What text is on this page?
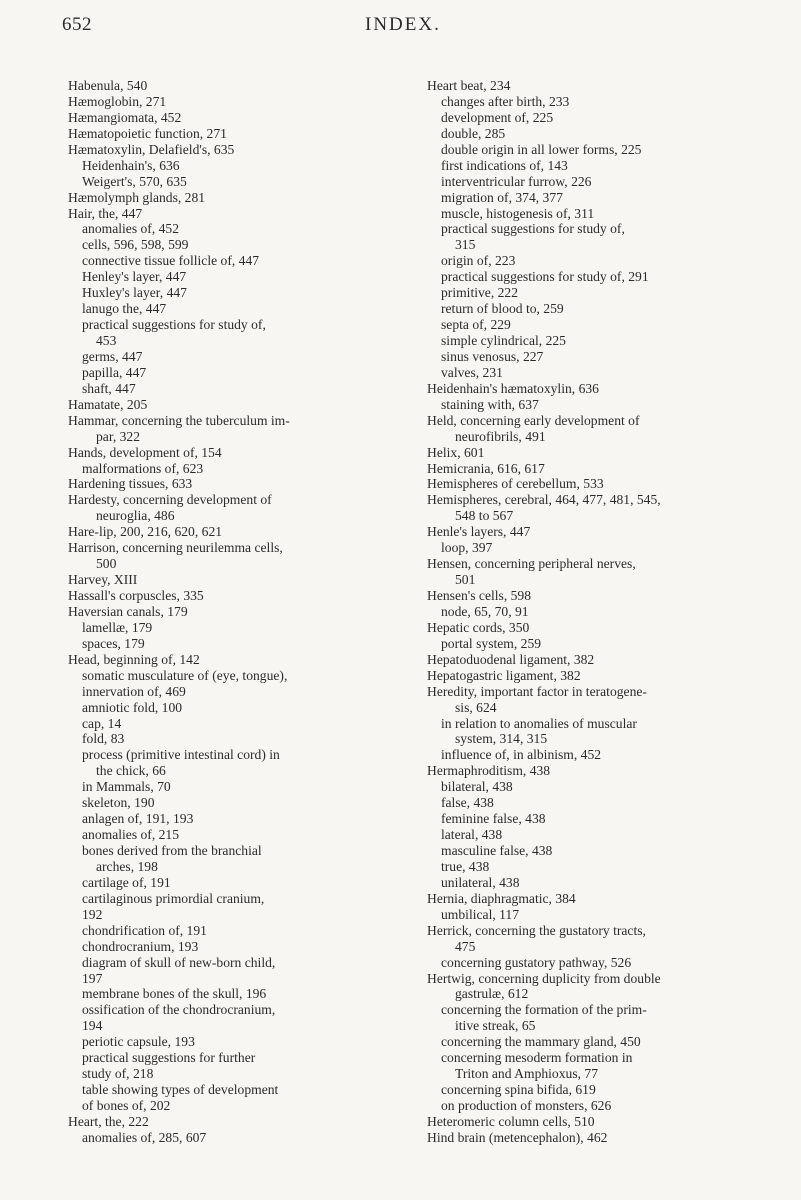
652	INDEX.
Habenula, 540
Hæmoglobin, 271
Hæmangiomata, 452
Hæmatopoietic function, 271
Hæmatoxylin, Delafield's, 635
Heidenhain's, 636
Weigert's, 570, 635
Hæmolymph glands, 281
Hair, the, 447
anomalies of, 452
cells, 596, 598, 599
connective tissue follicle of, 447
Henley's layer, 447
Huxley's layer, 447
lanugo the, 447
practical suggestions for study of,
453
germs, 447
papilla, 447
shaft, 447
Hamatate, 205
Hammar, concerning the tuberculum im-
par, 322
Hands, development of, 154
malformations of, 623
Hardening tissues, 633
Hardesty, concerning development of
neuroglia, 486
Hare-lip, 200, 216, 620, 621
Harrison, concerning neurilemma cells,
500
Harvey, XIII
Hassall's corpuscles, 335
Haversian canals, 179
lamellæ, 179
spaces, 179
Head, beginning of, 142
somatic musculature of (eye, tongue),
innervation of, 469
amniotic fold, 100
cap, 14
fold, 83
process (primitive intestinal cord) in
the chick, 66
in Mammals, 70
skeleton, 190
anlagen of, 191, 193
anomalies of, 215
bones derived from the branchial
arches, 198
cartilage of, 191
cartilaginous primordial cranium,
192
chondrification of, 191
chondrocranium, 193
diagram of skull of new-born child,
197
membrane bones of the skull, 196
ossification of the chondrocranium,
194
periotic capsule, 193
practical suggestions for further
study of, 218
table showing types of development
of bones of, 202
Heart, the, 222
anomalies of, 285, 607
Heart beat, 234
changes after birth, 233
development of, 225
double, 285
double origin in all lower forms, 225
first indications of, 143
interventricular furrow, 226
migration of, 374, 377
muscle, histogenesis of, 311
practical suggestions for study of,
315
origin of, 223
practical suggestions for study of, 291
primitive, 222
return of blood to, 259
septa of, 229
simple cylindrical, 225
sinus venosus, 227
valves, 231
Heidenhain's hæmatoxylin, 636
staining with, 637
Held, concerning early development of
neurofibrils, 491
Helix, 601
Hemicrania, 616, 617
Hemispheres of cerebellum, 533
Hemispheres, cerebral, 464, 477, 481, 545,
548 to 567
Henle's layers, 447
loop, 397
Hensen, concerning peripheral nerves,
501
Hensen's cells, 598
node, 65, 70, 91
Hepatic cords, 350
portal system, 259
Hepatoduodenal ligament, 382
Hepatogastric ligament, 382
Heredity, important factor in teratogene-
sis, 624
in relation to anomalies of muscular
system, 314, 315
influence of, in albinism, 452
Hermaphroditism, 438
bilateral, 438
false, 438
feminine false, 438
lateral, 438
masculine false, 438
true, 438
unilateral, 438
Hernia, diaphragmatic, 384
umbilical, 117
Herrick, concerning the gustatory tracts,
475
concerning gustatory pathway, 526
Hertwig, concerning duplicity from double
gastrulæ, 612
concerning the formation of the prim-
itive streak, 65
concerning the mammary gland, 450
concerning mesoderm formation in
Triton and Amphioxus, 77
concerning spina bifida, 619
on production of monsters, 626
Heteromeric column cells, 510
Hind brain (metencephalon), 462
